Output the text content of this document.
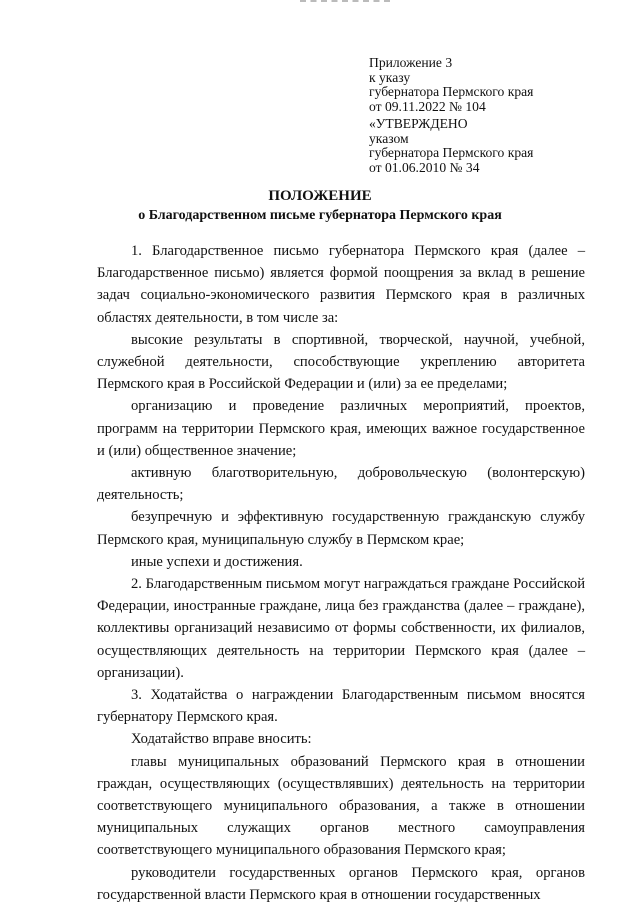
Приложение 3
к указу
губернатора Пермского края
от 09.11.2022 № 104
«УТВЕРЖДЕНО
указом
губернатора Пермского края
от 01.06.2010 № 34
ПОЛОЖЕНИЕ
о Благодарственном письме губернатора Пермского края

1. Благодарственное письмо губернатора Пермского края (далее – Благодарственное письмо) является формой поощрения за вклад в решение задач социально-экономического развития Пермского края в различных областях деятельности, в том числе за:

высокие результаты в спортивной, творческой, научной, учебной, служебной деятельности, способствующие укреплению авторитета Пермского края в Российской Федерации и (или) за ее пределами;

организацию и проведение различных мероприятий, проектов, программ на территории Пермского края, имеющих важное государственное и (или) общественное значение;

активную благотворительную, добровольческую (волонтерскую) деятельность;

безупречную и эффективную государственную гражданскую службу Пермского края, муниципальную службу в Пермском крае;

иные успехи и достижения.

2. Благодарственным письмом могут награждаться граждане Российской Федерации, иностранные граждане, лица без гражданства (далее – граждане), коллективы организаций независимо от формы собственности, их филиалов, осуществляющих деятельность на территории Пермского края (далее – организации).

3. Ходатайства о награждении Благодарственным письмом вносятся губернатору Пермского края.

Ходатайство вправе вносить:

главы муниципальных образований Пермского края в отношении граждан, осуществляющих (осуществлявших) деятельность на территории соответствующего муниципального образования, а также в отношении муниципальных служащих органов местного самоуправления соответствующего муниципального образования Пермского края;

руководители государственных органов Пермского края, органов государственной власти Пермского края в отношении государственных
